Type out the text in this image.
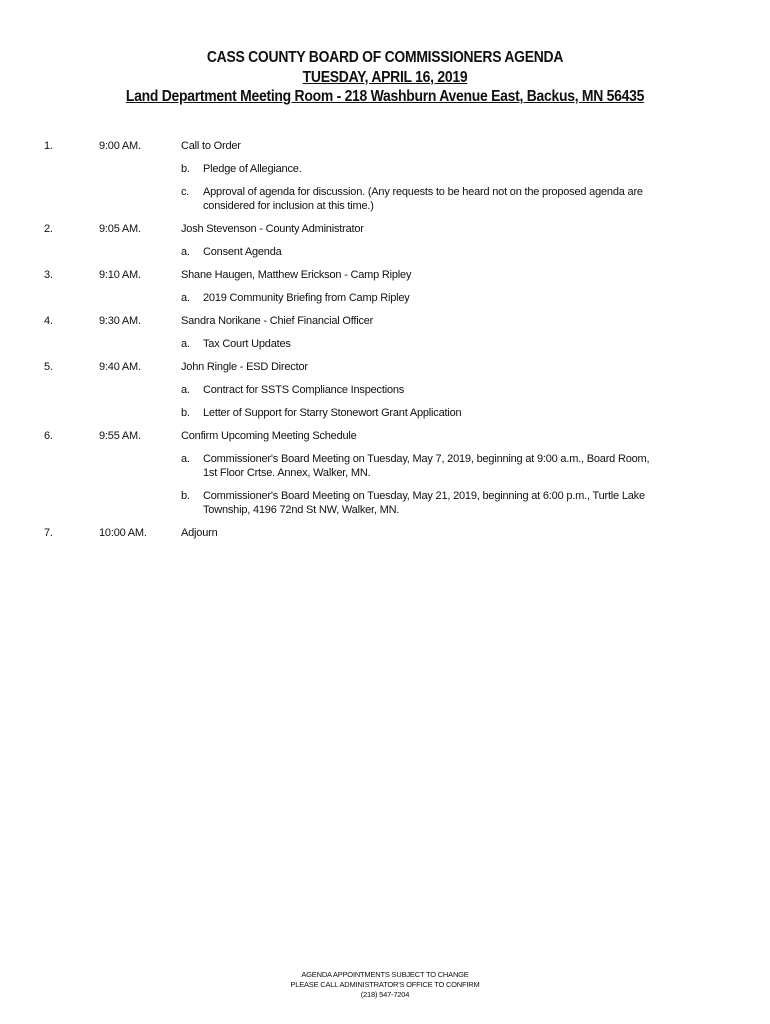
CASS COUNTY BOARD OF COMMISSIONERS AGENDA
TUESDAY, APRIL 16, 2019
Land Department Meeting Room - 218 Washburn Avenue East, Backus, MN 56435
1.	9:00 AM.	Call to Order
b. Pledge of Allegiance.
c. Approval of agenda for discussion. (Any requests to be heard not on the proposed agenda are considered for inclusion at this time.)
2.	9:05 AM.	Josh Stevenson - County Administrator
a. Consent Agenda
3.	9:10 AM.	Shane Haugen, Matthew Erickson - Camp Ripley
a. 2019 Community Briefing from Camp Ripley
4.	9:30 AM.	Sandra Norikane - Chief Financial Officer
a. Tax Court Updates
5.	9:40 AM.	John Ringle - ESD Director
a. Contract for SSTS Compliance Inspections
b. Letter of Support for Starry Stonewort Grant Application
6.	9:55 AM.	Confirm Upcoming Meeting Schedule
a. Commissioner's Board Meeting on Tuesday, May 7, 2019, beginning at 9:00 a.m., Board Room, 1st Floor Crtse. Annex, Walker, MN.
b. Commissioner's Board Meeting on Tuesday, May 21, 2019, beginning at 6:00 p.m., Turtle Lake Township, 4196 72nd St NW, Walker, MN.
7.	10:00 AM.	Adjourn
AGENDA APPOINTMENTS SUBJECT TO CHANGE
PLEASE CALL ADMINISTRATOR'S OFFICE TO CONFIRM
(218) 547-7204
